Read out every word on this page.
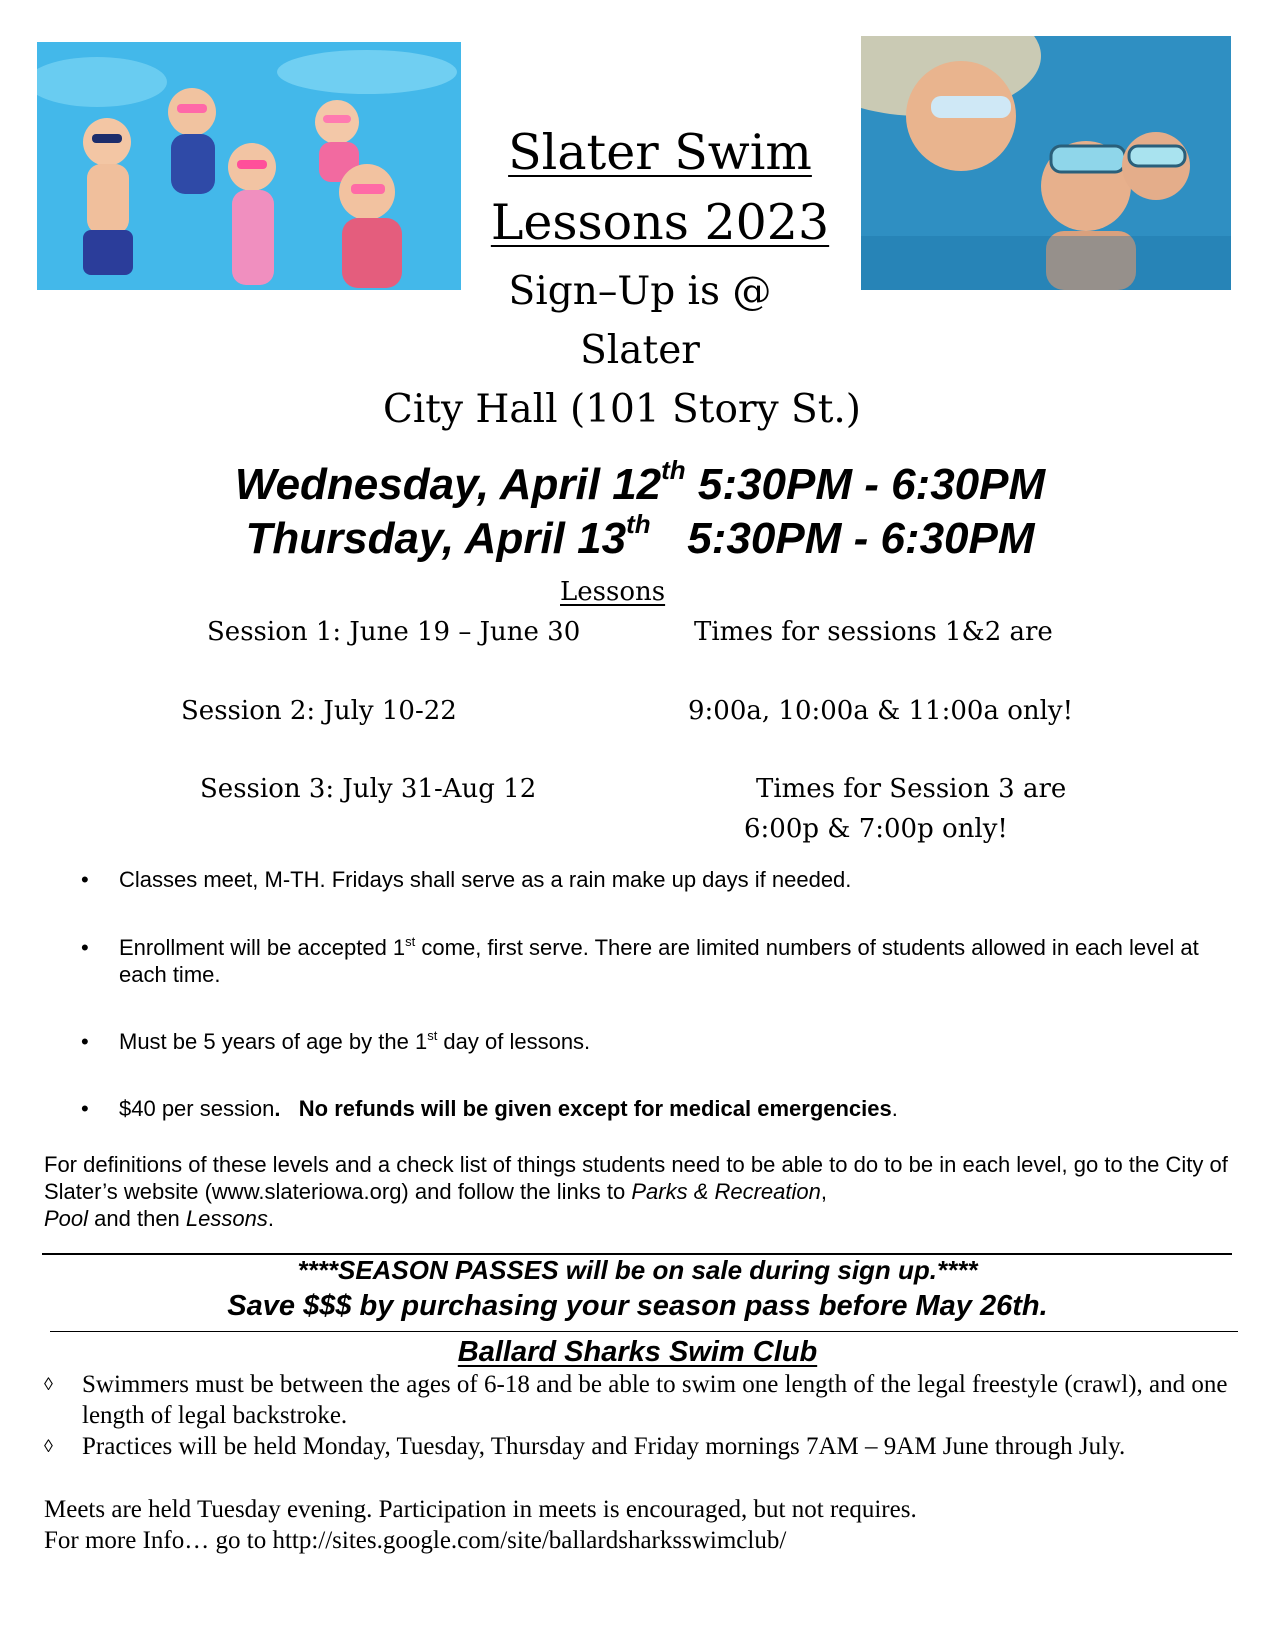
Slater Swim
Lessons 2023
Sign–Up is @
Slater
City Hall (101 Story St.)
Wednesday, April 12th 5:30PM - 6:30PM
Thursday, April 13th   5:30PM - 6:30PM
Lessons
Session 1: June 19 – June 30	Times for sessions 1&2 are
Session 2: July 10-22	9:00a, 10:00a & 11:00a only!
Session 3: July 31-Aug 12	Times for Session 3 are
6:00p & 7:00p only!
• Classes meet, M-TH. Fridays shall serve as a rain make up days if needed.
• Enrollment will be accepted 1st come, first serve. There are limited numbers of students allowed in each level at each time.
• Must be 5 years of age by the 1st day of lessons.
• $40 per session.   No refunds will be given except for medical emergencies.
For definitions of these levels and a check list of things students need to be able to do to be in each level, go to the City of Slater’s website (www.slateriowa.org) and follow the links to Parks & Recreation,
Pool and then Lessons.
****SEASON PASSES will be on sale during sign up.****
Save $$$ by purchasing your season pass before May 26th.
Ballard Sharks Swim Club
◊ Swimmers must be between the ages of 6-18 and be able to swim one length of the legal freestyle (crawl), and one length of legal backstroke.
◊ Practices will be held Monday, Tuesday, Thursday and Friday mornings 7AM – 9AM June through July.
Meets are held Tuesday evening. Participation in meets is encouraged, but not requires.
For more Info… go to http://sites.google.com/site/ballardsharksswimclub/
